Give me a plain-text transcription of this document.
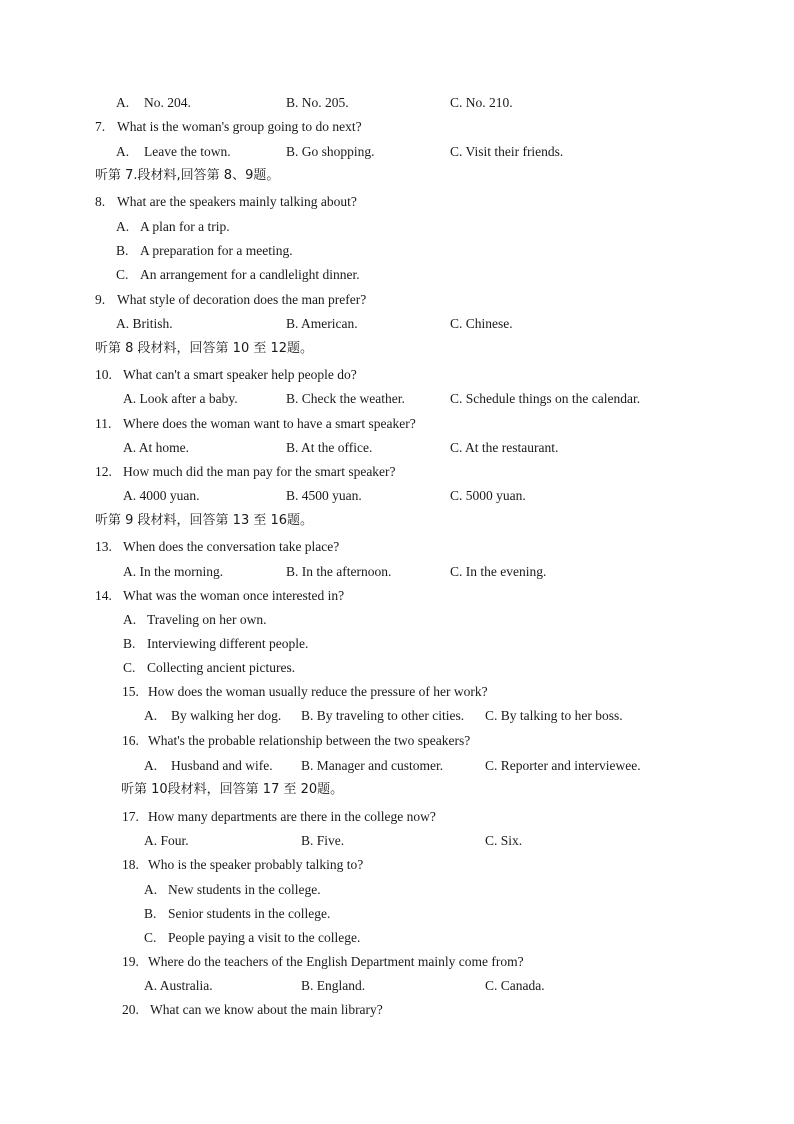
A. No. 204.	B. No. 205.	C. No. 210.
7. What is the woman's group going to do next?
A. Leave the town.	B. Go shopping.	C. Visit their friends.
听第 7.段材料,回答第 8、9题。
8. What are the speakers mainly talking about?
A. A plan for a trip.
B. A preparation for a meeting.
C. An arrangement for a candlelight dinner.
9. What style of decoration does the man prefer?
A. British.	B. American.	C. Chinese.
听第 8 段材料，回答第 10 至 12题。
10. What can't a smart speaker help people do?
A. Look after a baby.	B. Check the weather.	C. Schedule things on the calendar.
11. Where does the woman want to have a smart speaker?
A. At home.	B. At the office.	C. At the restaurant.
12. How much did the man pay for the smart speaker?
A. 4000 yuan.	B. 4500 yuan.	C. 5000 yuan.
听第 9 段材料，回答第 13 至 16题。
13. When does the conversation take place?
A. In the morning.	B. In the afternoon.	C. In the evening.
14. What was the woman once interested in?
A. Traveling on her own.
B. Interviewing different people.
C. Collecting ancient pictures.
15. How does the woman usually reduce the pressure of her work?
A. By walking her dog. B. By traveling to other cities. C. By talking to her boss.
16. What's the probable relationship between the two speakers?
A. Husband and wife. B. Manager and customer.	C. Reporter and interviewee.
听第 10段材料，回答第 17 至 20题。
17. How many departments are there in the college now?
A. Four.	B. Five.	C. Six.
18. Who is the speaker probably talking to?
A. New students in the college.
B. Senior students in the college.
C. People paying a visit to the college.
19. Where do the teachers of the English Department mainly come from?
A. Australia.	B. England.	C. Canada.
20. What can we know about the main library?
